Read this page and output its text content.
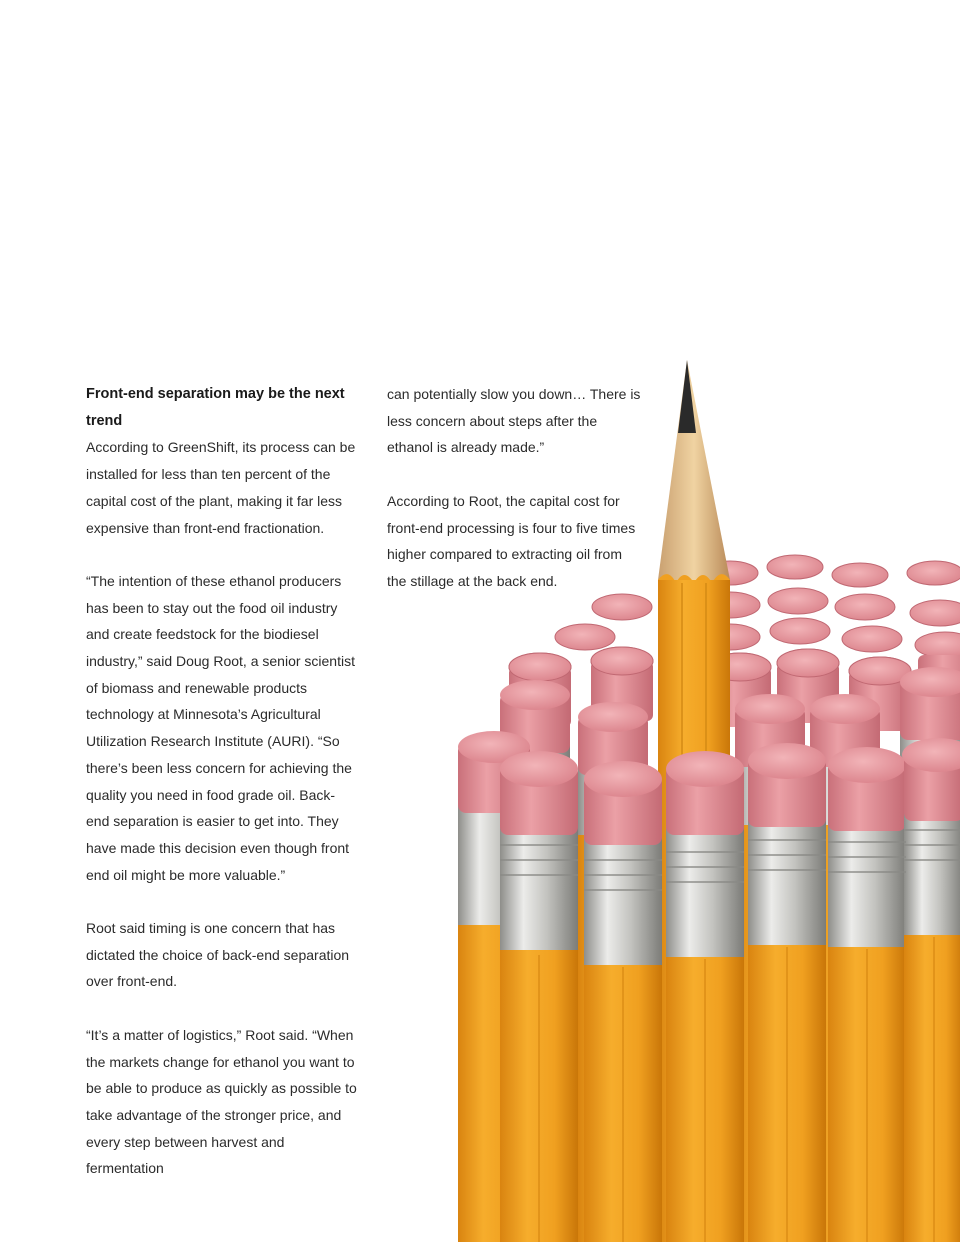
Front-end separation may be the next trend

According to GreenShift, its process can be installed for less than ten percent of the capital cost of the plant, making it far less expensive than front-end fractionation.

“The intention of these ethanol producers has been to stay out the food oil industry and create feedstock for the biodiesel industry,” said Doug Root, a senior scientist of biomass and renewable products technology at Minnesota’s Agricultural Utilization Research Institute (AURI). “So there’s been less concern for achieving the quality you need in food grade oil. Back-end separation is easier to get into. They have made this decision even though front end oil might be more valuable.”

Root said timing is one concern that has dictated the choice of back-end separation over front-end.

“It’s a matter of logistics,” Root said. “When the markets change for ethanol you want to be able to produce as quickly as possible to take advantage of the stronger price, and every step between harvest and fermentation

can potentially slow you down… There is less concern about steps after the ethanol is already made.”

According to Root, the capital cost for front-end processing is four to five times higher compared to extracting oil from the stillage at the back end.
